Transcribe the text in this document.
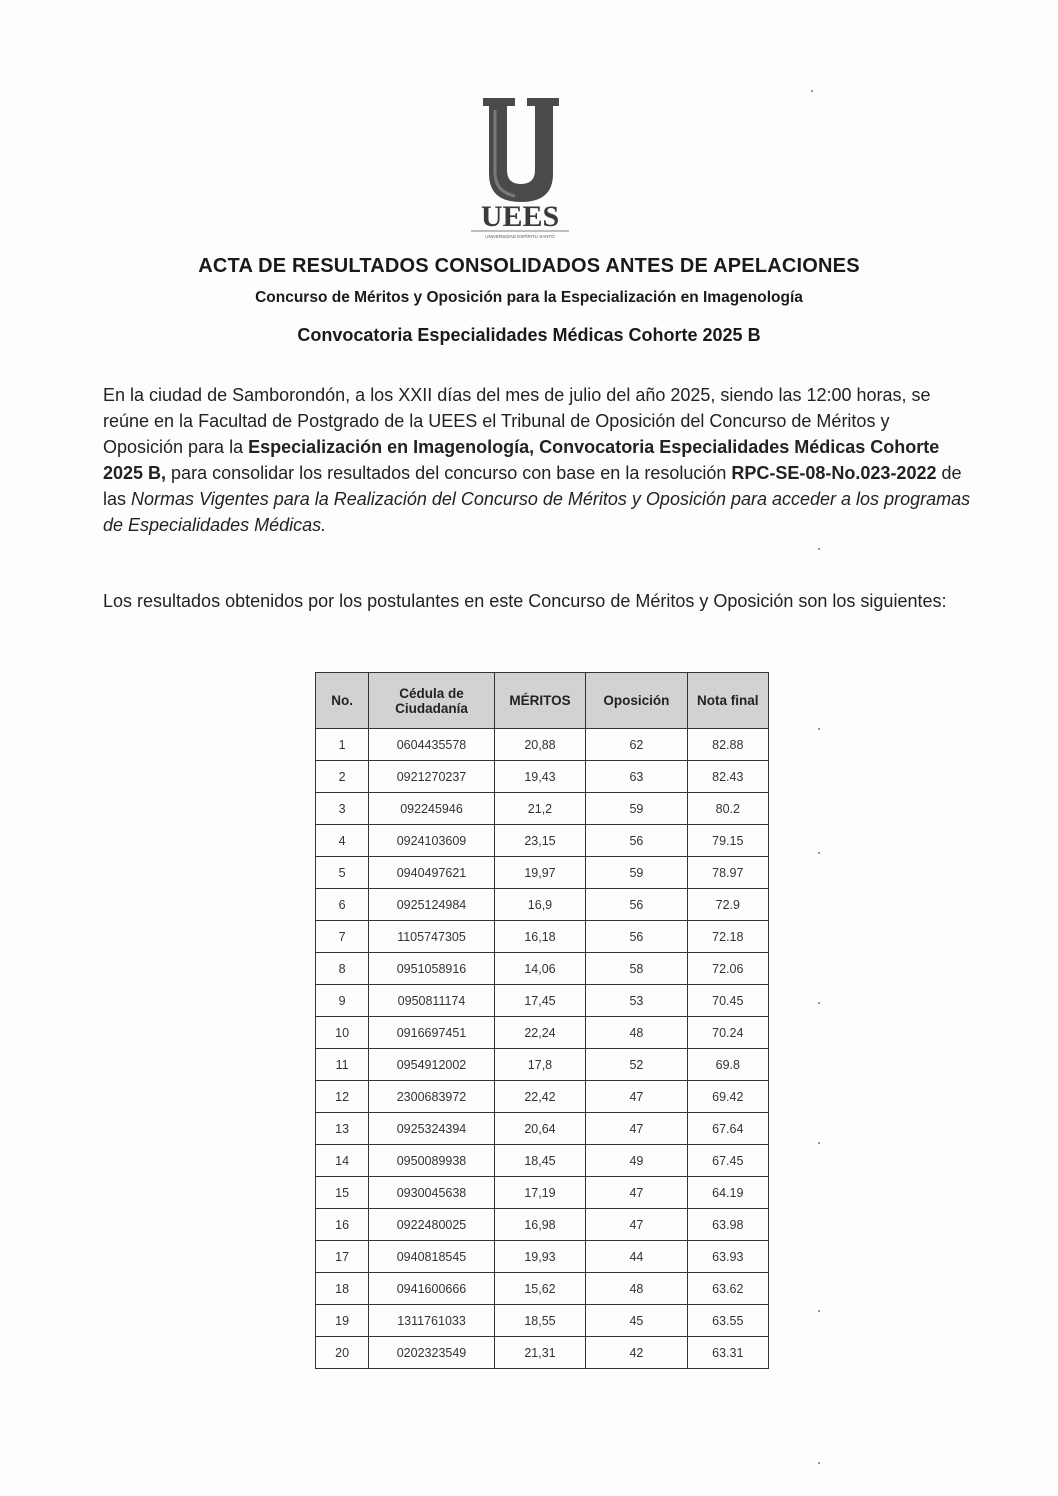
UEES
UNIVERSIDAD ESPÍRITU SANTO
ACTA DE RESULTADOS CONSOLIDADOS ANTES DE APELACIONES
Concurso de Méritos y Oposición para la Especialización en Imagenología
Convocatoria Especialidades Médicas Cohorte 2025 B
En la ciudad de Samborondón, a los XXII días del mes de julio del año 2025, siendo las 12:00 horas, se reúne en la Facultad de Postgrado de la UEES el Tribunal de Oposición del Concurso de Méritos y Oposición para la Especialización en Imagenología, Convocatoria Especialidades Médicas Cohorte 2025 B, para consolidar los resultados del concurso con base en la resolución RPC-SE-08-No.023-2022 de las Normas Vigentes para la Realización del Concurso de Méritos y Oposición para acceder a los programas de Especialidades Médicas.
Los resultados obtenidos por los postulantes en este Concurso de Méritos y Oposición son los siguientes:
No.	Cédula de Ciudadanía	MÉRITOS	Oposición	Nota final
1	0604435578	20,88	62	82.88
2	0921270237	19,43	63	82.43
3	092245946	21,2	59	80.2
4	0924103609	23,15	56	79.15
5	0940497621	19,97	59	78.97
6	0925124984	16,9	56	72.9
7	1105747305	16,18	56	72.18
8	0951058916	14,06	58	72.06
9	0950811174	17,45	53	70.45
10	0916697451	22,24	48	70.24
11	0954912002	17,8	52	69.8
12	2300683972	22,42	47	69.42
13	0925324394	20,64	47	67.64
14	0950089938	18,45	49	67.45
15	0930045638	17,19	47	64.19
16	0922480025	16,98	47	63.98
17	0940818545	19,93	44	63.93
18	0941600666	15,62	48	63.62
19	1311761033	18,55	45	63.55
20	0202323549	21,31	42	63.31
